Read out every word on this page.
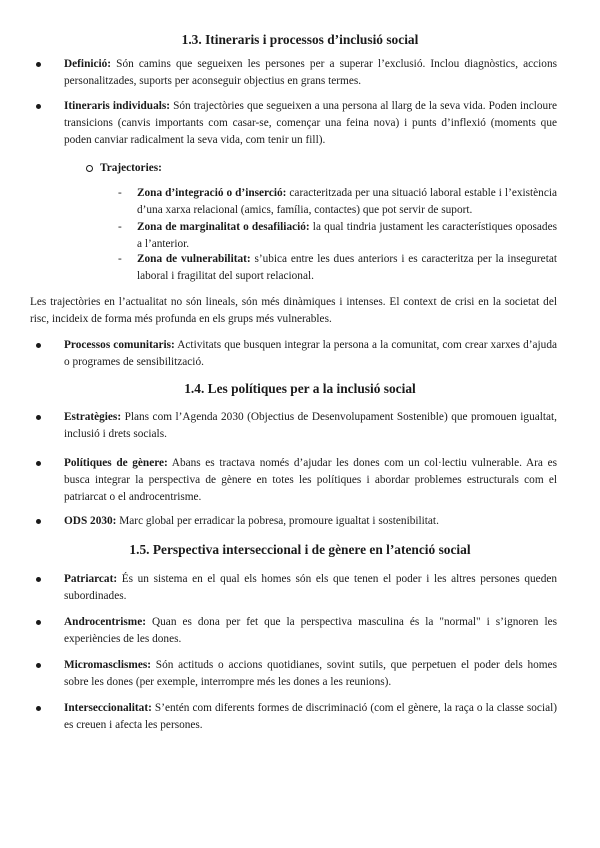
1.3. Itineraris i processos d’inclusió social
Definició: Són camins que segueixen les persones per a superar l’exclusió. Inclou diagnòstics, accions personalitzades, suports per aconseguir objectius en grans termes.
Itineraris individuals: Són trajectòries que segueixen a una persona al llarg de la seva vida. Poden incloure transicions (canvis importants com casar-se, començar una feina nova) i punts d’inflexió (moments que poden canviar radicalment la seva vida, com tenir un fill).
Trajectories:
- Zona d’integració o d’inserció: caracteritzada per una situació laboral estable i l’existència d’una xarxa relacional (amics, família, contactes) que pot servir de suport.
- Zona de marginalitat o desafiliació: la qual tindria justament les característiques oposades a l’anterior.
- Zona de vulnerabilitat: s’ubica entre les dues anteriors i es caracteritza per la inseguretat laboral i fragilitat del suport relacional.
Les trajectòries en l’actualitat no són lineals, són més dinàmiques i intenses. El context de crisi en la societat del risc, incideix de forma més profunda en els grups més vulnerables.
Processos comunitaris: Activitats que busquen integrar la persona a la comunitat, com crear xarxes d’ajuda o programes de sensibilització.
1.4. Les polítiques per a la inclusió social
Estratègies: Plans com l’Agenda 2030 (Objectius de Desenvolupament Sostenible) que promouen igualtat, inclusió i drets socials.
Polítiques de gènere: Abans es tractava només d’ajudar les dones com un col·lectiu vulnerable. Ara es busca integrar la perspectiva de gènere en totes les polítiques i abordar problemes estructurals com el patriarcat o el androcentrisme.
ODS 2030: Marc global per erradicar la pobresa, promoure igualtat i sostenibilitat.
1.5. Perspectiva interseccional i de gènere en l’atenció social
Patriarcat: És un sistema en el qual els homes són els que tenen el poder i les altres persones queden subordinades.
Androcentrisme: Quan es dona per fet que la perspectiva masculina és la "normal" i s’ignoren les experiències de les dones.
Micromasclismes: Són actituds o accions quotidianes, sovint sutils, que perpetuen el poder dels homes sobre les dones (per exemple, interrompre més les dones a les reunions).
Interseccionalitat: S’entén com diferents formes de discriminació (com el gènere, la raça o la classe social) es creuen i afecta les persones.
